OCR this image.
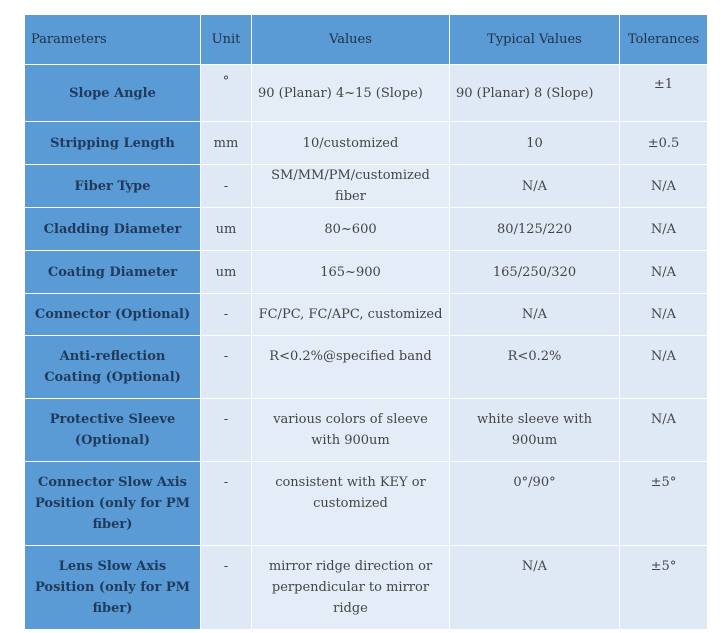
Parameters	Unit	Values	Typical Values	Tolerances
Slope Angle	°	90 (Planar) 4~15 (Slope)	90 (Planar) 8 (Slope)	±1
Stripping Length	mm	10/customized	10	±0.5
Fiber Type	-	SM/MM/PM/customized fiber	N/A	N/A
Cladding Diameter	um	80~600	80/125/220	N/A
Coating Diameter	um	165~900	165/250/320	N/A
Connector (Optional)	-	FC/PC, FC/APC, customized	N/A	N/A
Anti-reflection Coating (Optional)	-	R<0.2%@specified band	R<0.2%	N/A
Protective Sleeve (Optional)	-	various colors of sleeve with 900um	white sleeve with 900um	N/A
Connector Slow Axis Position (only for PM fiber)	-	consistent with KEY or customized	0°/90°	±5°
Lens Slow Axis Position (only for PM fiber)	-	mirror ridge direction or perpendicular to mirror ridge	N/A	±5°
